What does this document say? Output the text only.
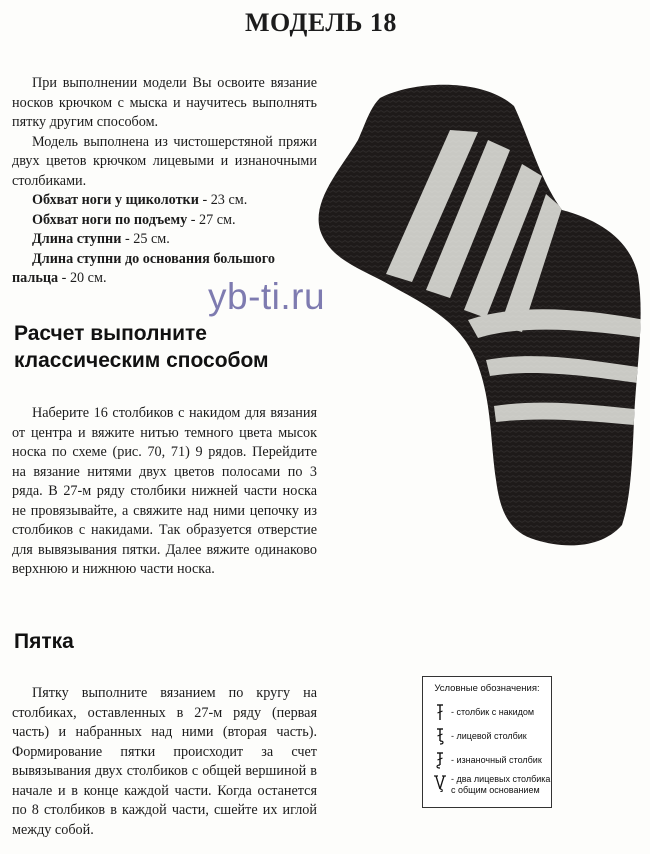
МОДЕЛЬ 18

При выполнении модели Вы освоите вязание носков крючком с мыска и научитесь выполнять пятку другим способом.

Модель выполнена из чистошерстяной пряжи двух цветов крючком лицевыми и изнаночными столбиками.

Обхват ноги у щиколотки - 23 см.

Обхват ноги по подъему - 27 см.

Длина ступни - 25 см.

Длина ступни до основания большого пальца - 20 см.	yb-ti.ru
Расчет выполните классическим способом

Наберите 16 столбиков с накидом для вязания от центра и вяжите нитью темного цвета мысок носка по схеме (рис. 70, 71) 9 рядов. Перейдите на вязание нитями двух цветов полосами по 3 ряда. В 27-м ряду столбики нижней части носка не провязывайте, а свяжите над ними цепочку из столбиков с накидами. Так образуется отверстие для вывязывания пятки. Далее вяжите одинаково верхнюю и нижнюю части носка.

Пятка

Пятку выполните вязанием по кругу на столбиках, оставленных в 27-м ряду (первая часть) и набранных над ними (вторая часть). Формирование пятки происходит за счет вывязывания двух столбиков с общей вершиной в начале и в конце каждой части. Когда останется по 8 столбиков в каждой части, сшейте их иглой между собой.

Условные обозначения:
- столбик с накидом
- лицевой столбик
- изнаночный столбик
- два лицевых столбика с общим основанием
